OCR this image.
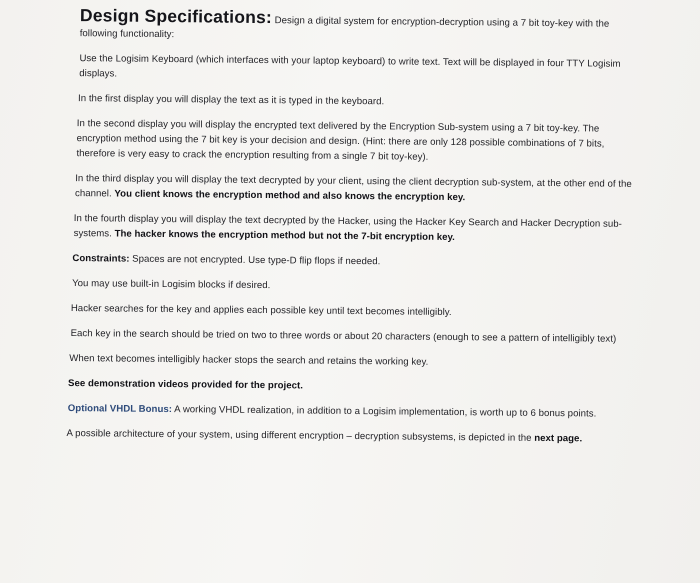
Design Specifications: Design a digital system for encryption-decryption using a 7 bit toy-key with the following functionality:

Use the Logisim Keyboard (which interfaces with your laptop keyboard) to write text. Text will be displayed in four TTY Logisim displays.

In the first display you will display the text as it is typed in the keyboard.

In the second display you will display the encrypted text delivered by the Encryption Sub-system using a 7 bit toy-key. The encryption method using the 7 bit key is your decision and design. (Hint: there are only 128 possible combinations of 7 bits, therefore is very easy to crack the encryption resulting from a single 7 bit toy-key).

In the third display you will display the text decrypted by your client, using the client decryption sub-system, at the other end of the channel. You client knows the encryption method and also knows the encryption key.

In the fourth display you will display the text decrypted by the Hacker, using the Hacker Key Search and Hacker Decryption sub-systems. The hacker knows the encryption method but not the 7-bit encryption key.

Constraints: Spaces are not encrypted. Use type-D flip flops if needed.

You may use built-in Logisim blocks if desired.

Hacker searches for the key and applies each possible key until text becomes intelligibly.

Each key in the search should be tried on two to three words or about 20 characters (enough to see a pattern of intelligibly text)

When text becomes intelligibly hacker stops the search and retains the working key.

See demonstration videos provided for the project.

Optional VHDL Bonus: A working VHDL realization, in addition to a Logisim implementation, is worth up to 6 bonus points.

A possible architecture of your system, using different encryption – decryption subsystems, is depicted in the next page.
